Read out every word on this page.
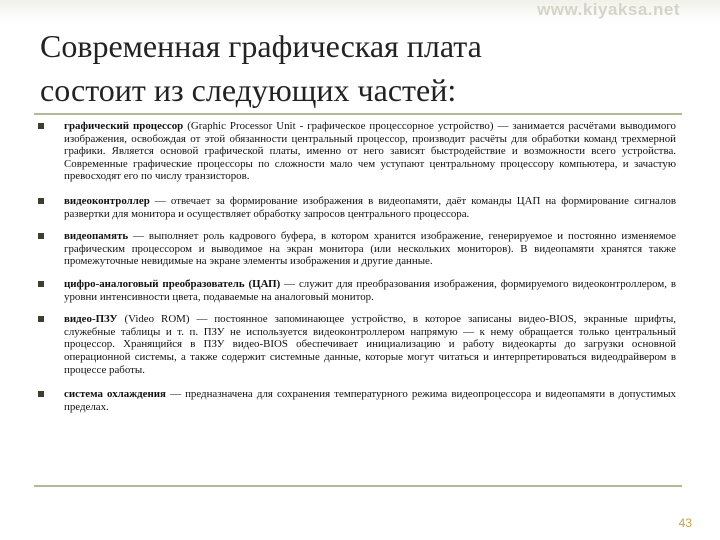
www.kiyaksa.net
Современная графическая плата
состоит из следующих частей:
графический процессор (Graphic Processor Unit - графическое процессорное устройство) — занимается расчётами выводимого изображения, освобождая от этой обязанности центральный процессор, производит расчёты для обработки команд трехмерной графики. Является основой графической платы, именно от него зависят быстродействие и возможности всего устройства. Современные графические процессоры по сложности мало чем уступают центральному процессору компьютера, и зачастую превосходят его по числу транзисторов.
видеоконтроллер — отвечает за формирование изображения в видеопамяти, даёт команды ЦАП на формирование сигналов развертки для монитора и осуществляет обработку запросов центрального процессора.
видеопамять — выполняет роль кадрового буфера, в котором хранится изображение, генерируемое и постоянно изменяемое графическим процессором и выводимое на экран монитора (или нескольких мониторов). В видеопамяти хранятся также промежуточные невидимые на экране элементы изображения и другие данные.
цифро-аналоговый преобразователь (ЦАП) — служит для преобразования изображения, формируемого видеоконтроллером, в уровни интенсивности цвета, подаваемые на аналоговый монитор.
видео-ПЗУ (Video ROM) — постоянное запоминающее устройство, в которое записаны видео-BIOS, экранные шрифты, служебные таблицы и т. п. ПЗУ не используется видеоконтроллером напрямую — к нему обращается только центральный процессор. Хранящийся в ПЗУ видео-BIOS обеспечивает инициализацию и работу видеокарты до загрузки основной операционной системы, а также содержит системные данные, которые могут читаться и интерпретироваться видеодрайвером в процессе работы.
система охлаждения — предназначена для сохранения температурного режима видеопроцессора и видеопамяти в допустимых пределах.
43
